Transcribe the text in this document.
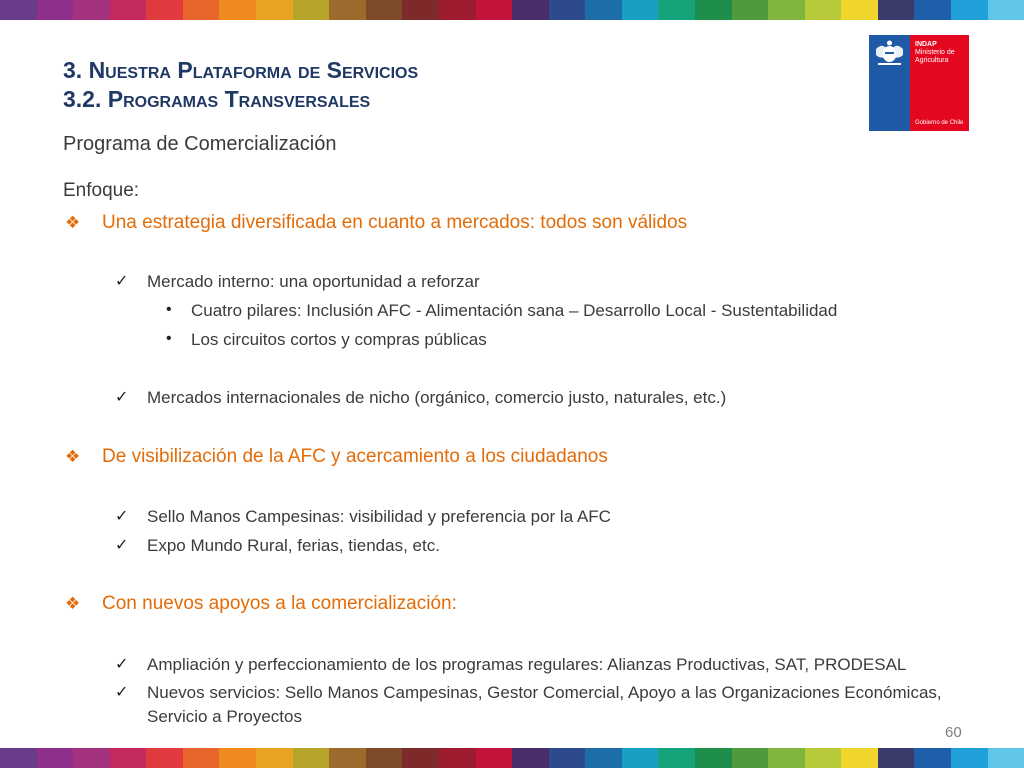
3. Nuestra Plataforma de Servicios
3.2. Programas Transversales
Programa de Comercialización
INDAP
Ministerio de
Agricultura
Gobierno de Chile
Enfoque:
❖ Una estrategia diversificada en cuanto a mercados: todos son válidos
✓ Mercado interno: una oportunidad a reforzar
• Cuatro pilares: Inclusión AFC - Alimentación sana – Desarrollo Local - Sustentabilidad
• Los circuitos cortos y compras públicas
✓ Mercados internacionales de nicho (orgánico, comercio justo, naturales, etc.)
❖ De visibilización de la AFC y acercamiento a los ciudadanos
✓ Sello Manos Campesinas: visibilidad y preferencia por la AFC
✓ Expo Mundo Rural, ferias, tiendas, etc.
❖ Con nuevos apoyos a la comercialización:
✓ Ampliación y perfeccionamiento de los programas regulares: Alianzas Productivas, SAT, PRODESAL
✓ Nuevos servicios: Sello Manos Campesinas, Gestor Comercial, Apoyo a las Organizaciones Económicas,
Servicio a Proyectos
60
